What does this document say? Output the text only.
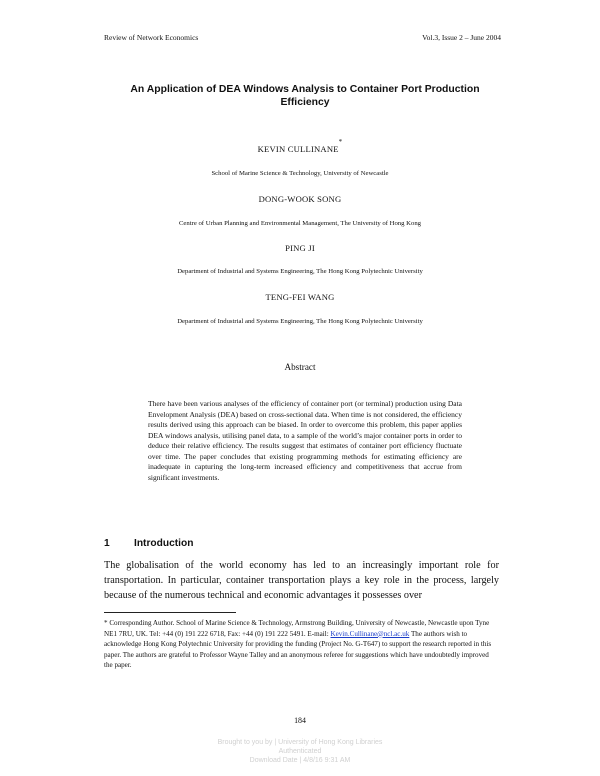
Review of Network Economics	Vol.3, Issue 2 – June 2004
An Application of DEA Windows Analysis to Container Port Production Efficiency
KEVIN CULLINANE*
School of Marine Science & Technology, University of Newcastle
DONG-WOOK SONG
Centre of Urban Planning and Environmental Management, The University of Hong Kong
PING JI
Department of Industrial and Systems Engineering, The Hong Kong Polytechnic University
TENG-FEI WANG
Department of Industrial and Systems Engineering, The Hong Kong Polytechnic University
Abstract
There have been various analyses of the efficiency of container port (or terminal) production using Data Envelopment Analysis (DEA) based on cross-sectional data. When time is not considered, the efficiency results derived using this approach can be biased. In order to overcome this problem, this paper applies DEA windows analysis, utilising panel data, to a sample of the world’s major container ports in order to deduce their relative efficiency. The results suggest that estimates of container port efficiency fluctuate over time. The paper concludes that existing programming methods for estimating efficiency are inadequate in capturing the long-term increased efficiency and competitiveness that accrue from significant investments.
1 Introduction
The globalisation of the world economy has led to an increasingly important role for transportation. In particular, container transportation plays a key role in the process, largely because of the numerous technical and economic advantages it possesses over
* Corresponding Author. School of Marine Science & Technology, Armstrong Building, University of Newcastle, Newcastle upon Tyne NE1 7RU, UK. Tel: +44 (0) 191 222 6718, Fax: +44 (0) 191 222 5491. E-mail: Kevin.Cullinane@ncl.ac.uk The authors wish to acknowledge Hong Kong Polytechnic University for providing the funding (Project No. G-T647) to support the research reported in this paper. The authors are grateful to Professor Wayne Talley and an anonymous referee for suggestions which have undoubtedly improved the paper.
184
Brought to you by | University of Hong Kong Libraries
Authenticated
Download Date | 4/8/16 9:31 AM
